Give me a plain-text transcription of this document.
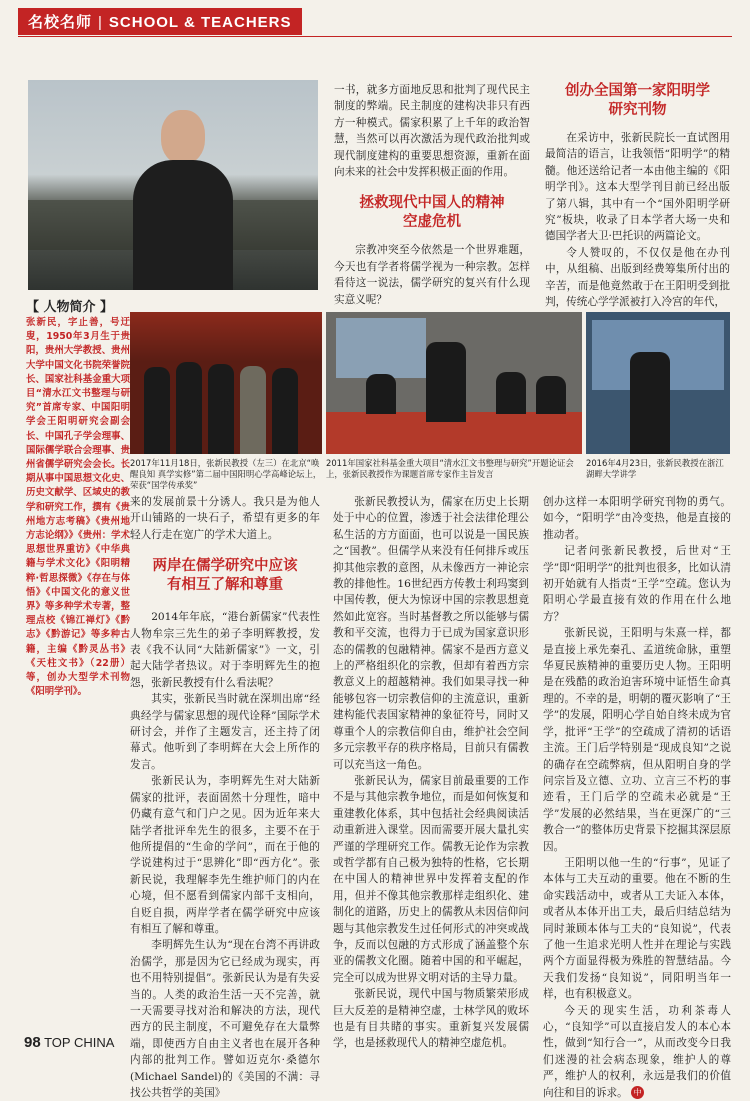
名校名师 | SCHOOL & TEACHERS

一书，就多方面地反思和批判了现代民主制度的弊端。民主制度的建构决非只有西方一种模式。儒家积累了上千年的政治智慧，当然可以再次激活为现代政治批判或现代制度建构的重要思想资源，重新在面向未来的社会中发挥积极正面的作用。

拯救现代中国人的精神空虚危机

宗教冲突至今依然是一个世界难题，今天也有学者将儒学视为一种宗教。怎样看待这一说法，儒学研究的复兴有什么现实意义呢？

创办全国第一家阳明学研究刊物

在采访中，张新民院长一直试图用最简洁的语言，让我领悟“阳明学”的精髓。他还送给记者一本由他主编的《阳明学刊》。这本大型学刊目前已经出版了第八辑，其中有一个“国外阳明学研究”板块，收录了日本学者大场一央和德国学者大卫·巴托识的两篇论文。

令人赞叹的，不仅仅是他在办刊中，从组稿、出版到经费筹集所付出的辛苦，而是他竟然敢于在王阳明受到批判，传统心学学派被打入冷宫的年代，

【 人物简介 】
张新民，字止善，号迂叟，1950年3月生于贵阳，贵州大学教授、贵州大学中国文化书院荣誉院长、国家社科基金重大项目“清水江文书整理与研究”首席专家、中国阳明学会王阳明研究会副会长、中国孔子学会理事、国际儒学联合会理事、贵州省儒学研究会会长。长期从事中国思想文化史、历史文献学、区域史的教学和研究工作，撰有《贵州地方志考稿》《贵州地方志论纲》》《贵州：学术思想世界重访》《中华典籍与学术文化》《阳明精粹·哲思探微》《存在与体悟》《中国文化的意义世界》等多种学术专著，整理点校《锦江禅灯》《黔志》《黔游记》等多种古籍，主编《黔灵丛书》《天柱文书》（22册）等，创办大型学术刊物《阳明学刊》。
2017年11月18日，张新民教授（左三）在北京“唤醒良知 真学实修”第二届中国阳明心学高峰论坛上，荣获“国学传承奖”
2011年国家社科基金重大项目“清水江文书整理与研究”开题论证会上，张新民教授作为课题首席专家作主旨发言
2016年4月23日，张新民教授在浙江湖畔大学讲学

来的发展前景十分诱人。我只是为他人开山铺路的一块石子，希望有更多的年轻人行走在宽广的学术大道上。

两岸在儒学研究中应该有相互了解和尊重

2014年年底，“港台新儒家”代表性人物牟宗三先生的弟子李明辉教授，发表《我不认同“大陆新儒家”》一文，引起大陆学者热议。对于李明辉先生的抱怨，张新民教授有什么看法呢？

其实，张新民当时就在深圳出席“经典经学与儒家思想的现代诠释”国际学术研讨会，并作了主题发言，还主持了闭幕式。他听到了李明辉在大会上所作的发言。

张新民认为，李明辉先生对大陆新儒家的批评，表面固然十分理性，暗中仍藏有意气和门户之见。因为近年来大陆学者批评牟先生的很多，主要不在于他所提倡的“生命的学问”，而在于他的学说建构过于“思辨化”即“西方化”。张新民说，我理解李先生维护师门的内在心境，但不愿看到儒家内部千支相向，自贬自损，两岸学者在儒学研究中应该有相互了解和尊重。

李明辉先生认为“现在台湾不再讲政治儒学，那是因为它已经成为现实，再也不用特别提倡”。张新民认为是有失妥当的。人类的政治生活一天不完善，就一天需要寻找对治和解决的方法，现代西方的民主制度，不可避免存在大量弊端，即使西方自由主义者也在展开各种内部的批判工作。譬如迈克尔·桑德尔(Michael Sandel)的《美国的不满：寻找公共哲学的美国》

张新民教授认为，儒家在历史上长期处于中心的位置，渗透于社会法律伦理公私生活的方方面面，也可以说是一国民族之“国教”。但儒学从来没有任何排斥或压抑其他宗教的意图，从未像西方一神论宗教的排他性。16世纪西方传教士利玛窦到中国传教，便大为惊讶中国的宗教思想竟然如此宽容。当时基督教之所以能够与儒教和平交流，也得力于已成为国家意识形态的儒教的包融精神。儒家不是西方意义上的严格组织化的宗教，但却有着西方宗教意义上的超越精神。我们如果寻找一种能够包容一切宗教信仰的主流意识，重新建构能代表国家精神的象征符号，同时又尊重个人的宗教信仰自由，维护社会空间多元宗教平存的秩序格局，目前只有儒教可以充当这一角色。

张新民认为，儒家目前最重要的工作不是与其他宗教争地位，而是如何恢复和重建教化体系，其中包括社会经典阅读活动重新进入课堂。因而需要开展大量扎实严谨的学理研究工作。儒教无论作为宗教或哲学都有自己极为独特的性格，它长期在中国人的精神世界中发挥着支配的作用，但并不像其他宗教那样走组织化、建制化的道路，历史上的儒教从未因信仰问题与其他宗教发生过任何形式的冲突或战争，反而以包融的方式形成了涵盖整个东亚的儒教文化圈。随着中国的和平崛起，完全可以成为世界文明对话的主导力量。

张新民说，现代中国与物质繁荣形成巨大反差的是精神空虚，士林学风的败坏也是有目共睹的事实。重新复兴发展儒学，也是拯救现代人的精神空虚危机。

创办这样一本阳明学研究刊物的勇气。如今，“阳明学”由冷变热，他是直接的推动者。

记者问张新民教授，后世对“王学”即“阳明学”的批判也很多，比如认清初开始就有人指责“王学”空疏。您认为阳明心学最直接有效的作用在什么地方？

张新民说，王阳明与朱熹一样，都是直接上承先秦孔、孟道统命脉，重塑华夏民族精神的重要历史人物。王阳明是在残酷的政治迫害环境中证悟生命真理的。不幸的是，明朝的覆灭影响了“王学”的发展，阳明心学自始自终未成为官学，批评“王学”的空疏成了清初的话语主流。王门后学特别是“现成良知”之说的确存在空疏弊病，但从阳明自身的学问宗旨及立德、立功、立言三不朽的事迹看，王门后学的空疏未必就是“王学”发展的必然结果，当在更深广的“三教合一”的整体历史背景下挖掘其深层原因。

王阳明以他一生的“行事”，见证了本体与工夫互动的重要。他在不断的生命实践活动中，或者从工夫证入本体，或者从本体开出工夫，最后归结总结为同时兼顾本体与工夫的“良知说”，代表了他一生追求光明人性并在理论与实践两个方面显得极为殊胜的智慧结晶。今天我们发扬“良知说”，同阳明当年一样，也有积极意义。

今天的现实生活，功利茶毒人心，“良知学”可以直接启发人的本心本性，做到“知行合一”，从而改变今日我们迷漫的社会病态现象，维护人的尊严，维护人的权利，永远是我们的价值向往和目的诉求。 中

98 TOP CHINA
